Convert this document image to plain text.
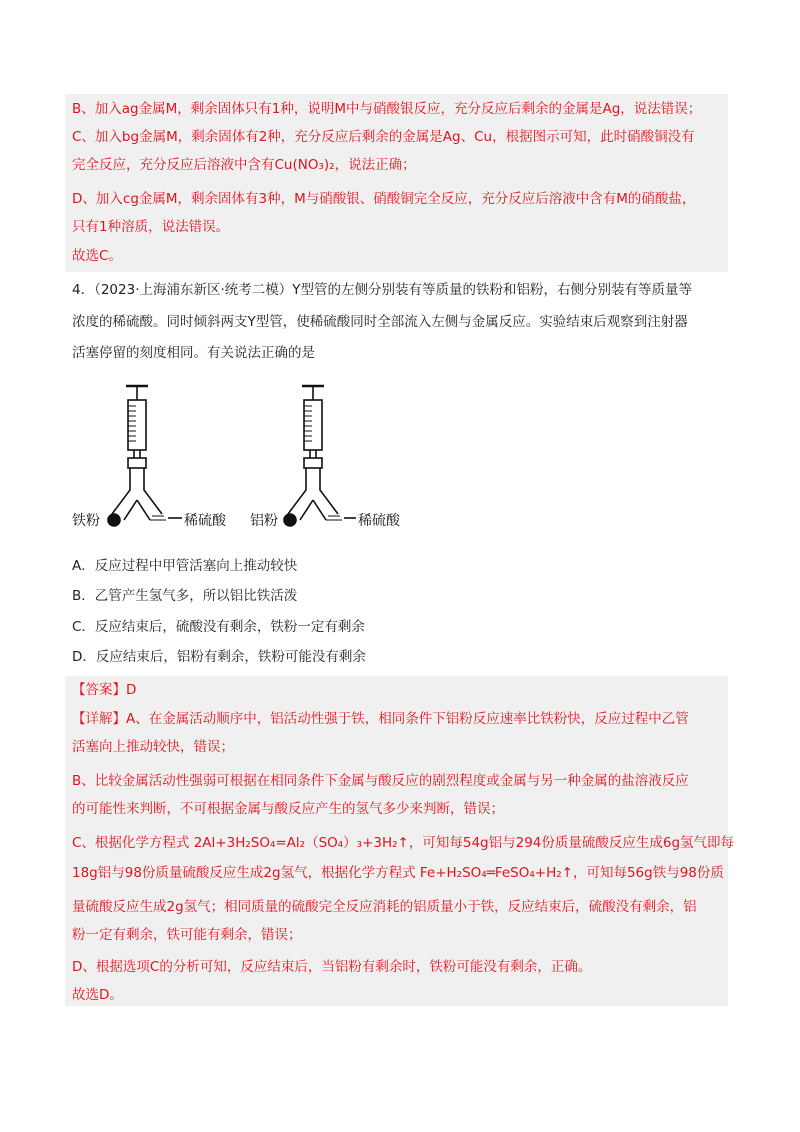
B、加入ag金属M，剩余固体只有1种，说明M中与硝酸银反应，充分反应后剩余的金属是Ag，说法错误；
C、加入bg金属M，剩余固体有2种，充分反应后剩余的金属是Ag、Cu，根据图示可知，此时硝酸铜没有
完全反应，充分反应后溶液中含有Cu(NO₃)₂，说法正确；
D、加入cg金属M，剩余固体有3种，M与硝酸银、硝酸铜完全反应，充分反应后溶液中含有M的硝酸盐，
只有1种溶质，说法错误。
故选C。
4．（2023·上海浦东新区·统考二模）Y型管的左侧分别装有等质量的铁粉和铝粉，右侧分别装有等质量等
浓度的稀硫酸。同时倾斜两支Y型管，使稀硫酸同时全部流入左侧与金属反应。实验结束后观察到注射器
活塞停留的刻度相同。有关说法正确的是
铁粉	稀硫酸 铝粉	稀硫酸
A．反应过程中甲管活塞向上推动较快
B．乙管产生氢气多，所以铝比铁活泼
C．反应结束后，硫酸没有剩余，铁粉一定有剩余
D．反应结束后，铝粉有剩余，铁粉可能没有剩余
【答案】D
【详解】A、在金属活动顺序中，铝活动性强于铁，相同条件下铝粉反应速率比铁粉快，反应过程中乙管
活塞向上推动较快，错误；
B、比较金属活动性强弱可根据在相同条件下金属与酸反应的剧烈程度或金属与另一种金属的盐溶液反应
的可能性来判断，不可根据金属与酸反应产生的氢气多少来判断，错误；
C、根据化学方程式 2Al+3H₂SO₄=Al₂（SO₄）₃+3H₂↑，可知每54g铝与294份质量硫酸反应生成6g氢气即每
18g铝与98份质量硫酸反应生成2g氢气，根据化学方程式 Fe+H₂SO₄═FeSO₄+H₂↑，可知每56g铁与98份质
量硫酸反应生成2g氢气；相同质量的硫酸完全反应消耗的铝质量小于铁，反应结束后，硫酸没有剩余，铝
粉一定有剩余，铁可能有剩余，错误；
D、根据选项C的分析可知，反应结束后，当铝粉有剩余时，铁粉可能没有剩余，正确。
故选D。
